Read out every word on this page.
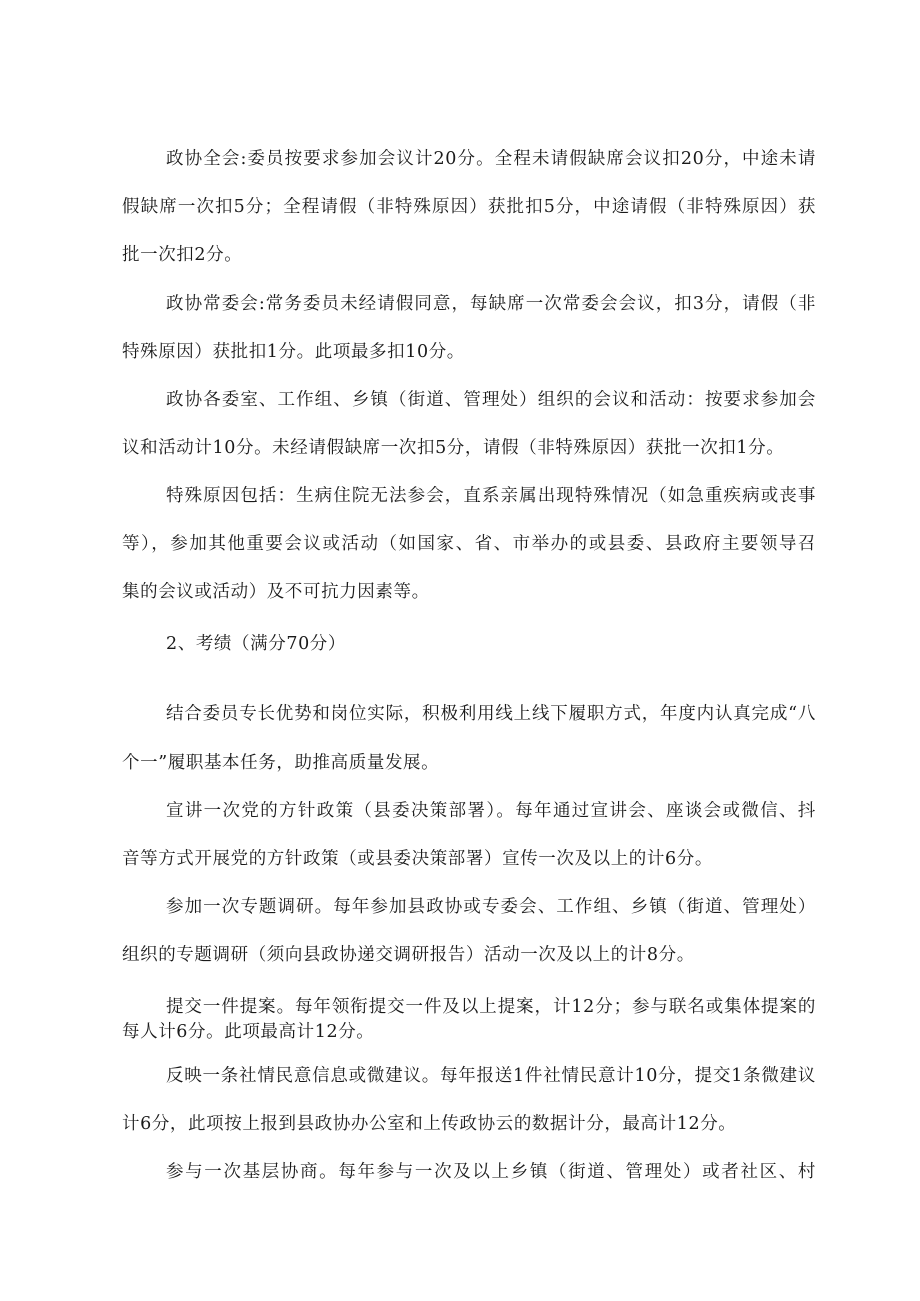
政协全会:委员按要求参加会议计20分。全程未请假缺席会议扣20分，中途未请
假缺席一次扣5分；全程请假（非特殊原因）获批扣5分，中途请假（非特殊原因）获
批一次扣2分。
政协常委会:常务委员未经请假同意，每缺席一次常委会会议，扣3分，请假（非
特殊原因）获批扣1分。此项最多扣10分。
政协各委室、工作组、乡镇（街道、管理处）组织的会议和活动：按要求参加会
议和活动计10分。未经请假缺席一次扣5分，请假（非特殊原因）获批一次扣1分。
特殊原因包括：生病住院无法参会，直系亲属出现特殊情况（如急重疾病或丧事
等），参加其他重要会议或活动（如国家、省、市举办的或县委、县政府主要领导召
集的会议或活动）及不可抗力因素等。
2、考绩（满分70分）
结合委员专长优势和岗位实际，积极利用线上线下履职方式，年度内认真完成“八
个一”履职基本任务，助推高质量发展。
宣讲一次党的方针政策（县委决策部署）。每年通过宣讲会、座谈会或微信、抖
音等方式开展党的方针政策（或县委决策部署）宣传一次及以上的计6分。
参加一次专题调研。每年参加县政协或专委会、工作组、乡镇（街道、管理处）
组织的专题调研（须向县政协递交调研报告）活动一次及以上的计8分。
提交一件提案。每年领衔提交一件及以上提案，计12分；参与联名或集体提案的
每人计6分。此项最高计12分。
反映一条社情民意信息或微建议。每年报送1件社情民意计10分，提交1条微建议
计6分，此项按上报到县政协办公室和上传政协云的数据计分，最高计12分。
参与一次基层协商。每年参与一次及以上乡镇（街道、管理处）或者社区、村
